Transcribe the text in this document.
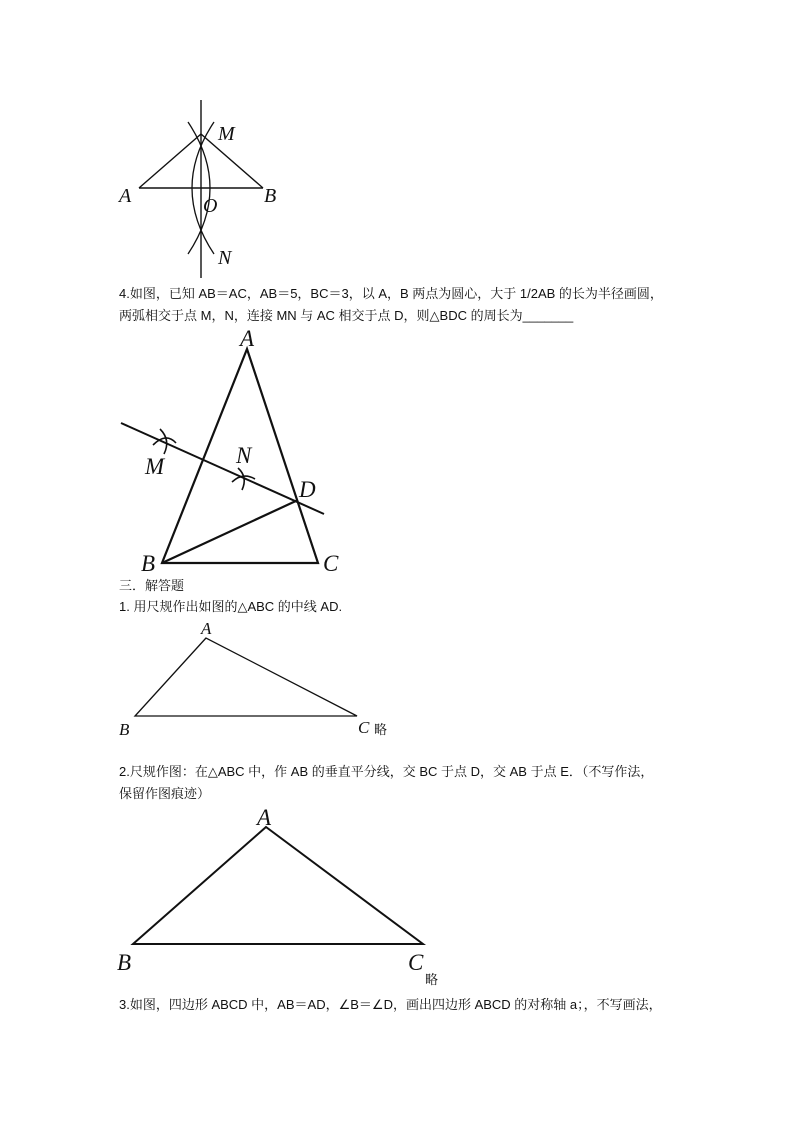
M
A	B
O
N
4.如图，已知 AB＝AC，AB＝5，BC＝3，以 A，B 两点为圆心，大于 1/2AB 的长为半径画圆，
两弧相交于点 M，N，连接 MN 与 AC 相交于点 D，则△BDC 的周长为_______
A
M	N
D
B	C
三．解答题
1. 用尺规作出如图的△ABC 的中线 AD.
A
B	C 略
2.尺规作图：在△ABC 中，作 AB 的垂直平分线，交 BC 于点 D，交 AB 于点 E．（不写作法，
保留作图痕迹）
A
B	C
略
3.如图，四边形 ABCD 中，AB＝AD，∠B＝∠D，画出四边形 ABCD 的对称轴 a；，不写画法，
